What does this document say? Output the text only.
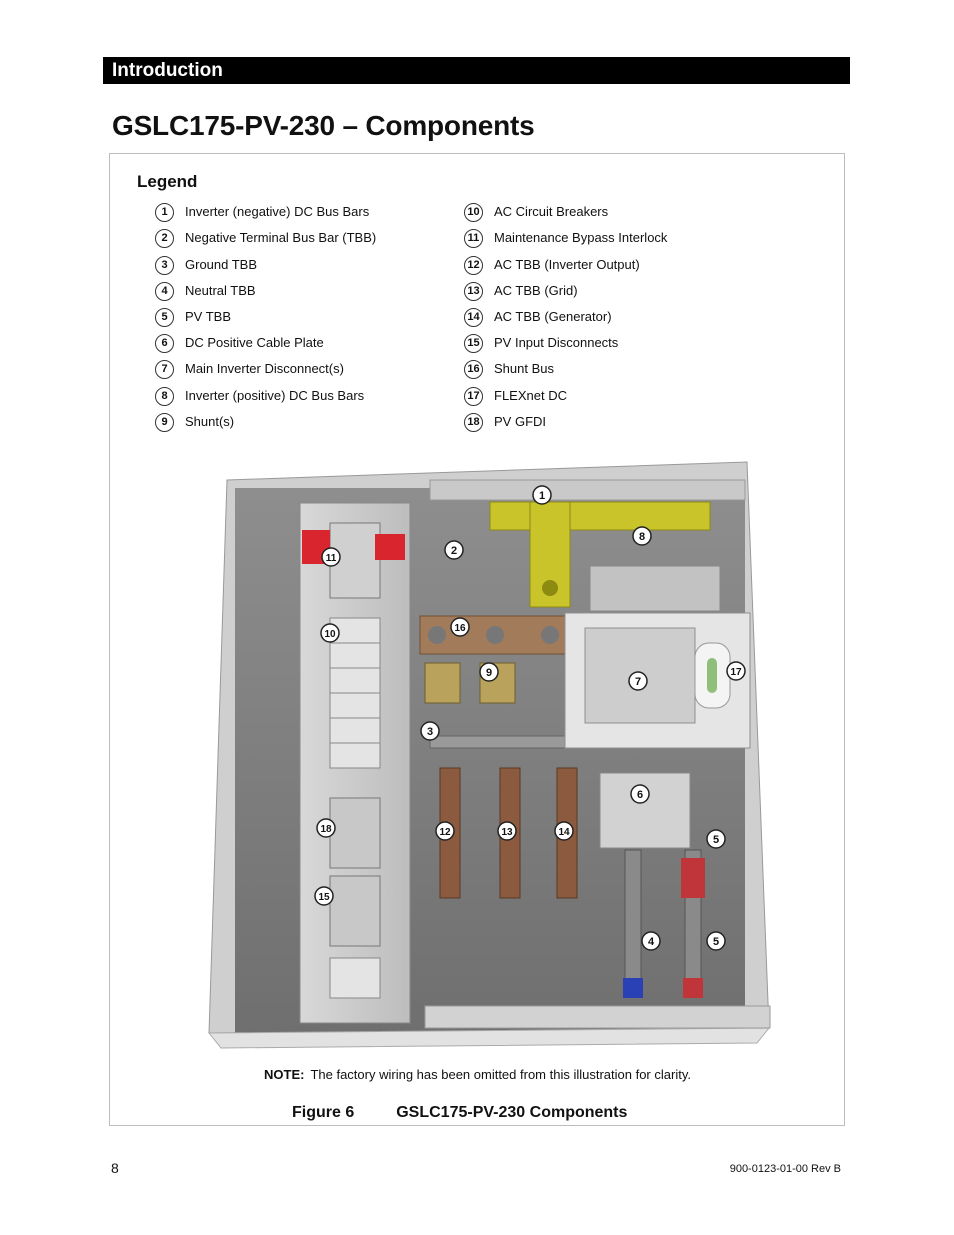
Introduction
GSLC175-PV-230 – Components
Legend
1	Inverter (negative) DC Bus Bars
2	Negative Terminal Bus Bar (TBB)
3	Ground TBB
4	Neutral TBB
5	PV TBB
6	DC Positive Cable Plate
7	Main Inverter Disconnect(s)
8	Inverter (positive) DC Bus Bars
9	Shunt(s)
10 AC Circuit Breakers
11 Maintenance Bypass Interlock
12 AC TBB (Inverter Output)
13 AC TBB (Grid)
14 AC TBB (Generator)
15 PV Input Disconnects
16 Shunt Bus
17 FLEXnet DC
18 PV GFDI
1
2
3
4
5
5
6
7
8
9
10
11
12	13	14
15
16
17
18
NOTE: The factory wiring has been omitted from this illustration for clarity.
Figure 6	GSLC175-PV-230 Components
8	900-0123-01-00 Rev B
